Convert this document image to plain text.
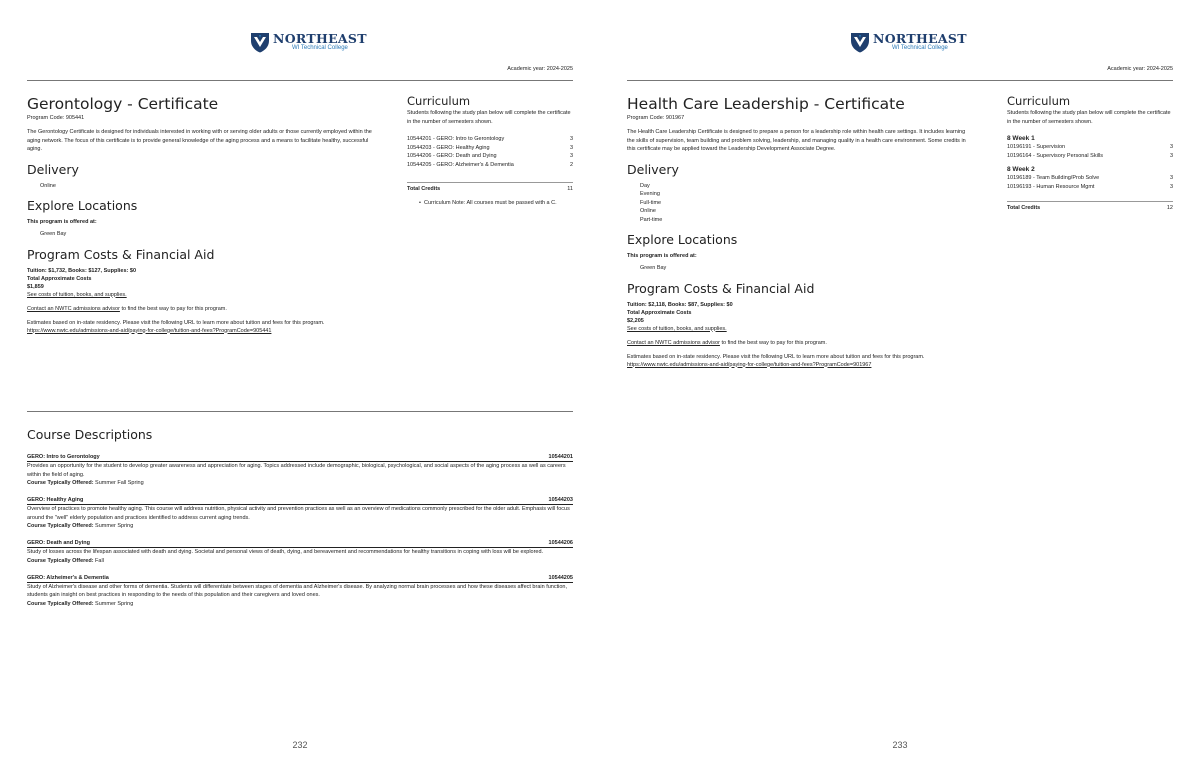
NORTHEAST
WI Technical College
Academic year: 2024-2025
Gerontology - Certificate
Program Code: 905441

The Gerontology Certificate is designed for individuals interested in working with or serving older adults or those currently employed within the aging network. The focus of this certificate is to provide general knowledge of the aging process and a means to facilitate healthy, successful aging.

Delivery
Online
Explore Locations
This program is offered at:
Green Bay
Program Costs & Financial Aid
Tuition: $1,732, Books: $127, Supplies: $0
Total Approximate Costs
$1,859
See costs of tuition, books, and supplies.
Contact an NWTC admissions advisor to find the best way to pay for this program.
Estimates based on in-state residency. Please visit the following URL to learn more about tuition and fees for this program.
https://www.nwtc.edu/admissions-and-aid/paying-for-college/tuition-and-fees?ProgramCode=905441
Curriculum
Students following the study plan below will complete the certificate in the number of semesters shown.
10544201 - GERO: Intro to Gerontology	3
10544203 - GERO: Healthy Aging	3
10544206 - GERO: Death and Dying	3
10544205 - GERO: Alzheimer's & Dementia	2
Total Credits	11
•  Curriculum Note: All courses must be passed with a C.
Course Descriptions
GERO: Intro to Gerontology	10544201
Provides an opportunity for the student to develop greater awareness and appreciation for aging. Topics addressed include demographic, biological, psychological, and social aspects of the aging process as well as careers within the field of aging.
Course Typically Offered: Summer Fall Spring
GERO: Healthy Aging	10544203
Overview of practices to promote healthy aging. This course will address nutrition, physical activity and prevention practices as well as an overview of medications commonly prescribed for the older adult. Emphasis will focus around the "well" elderly population and practices identified to address current aging trends.
Course Typically Offered: Summer Spring
GERO: Death and Dying	10544206
Study of losses across the lifespan associated with death and dying. Societal and personal views of death, dying, and bereavement and recommendations for healthy transitions in coping with loss will be explored.
Course Typically Offered: Fall
GERO: Alzheimer's & Dementia	10544205
Study of Alzheimer's disease and other forms of dementia. Students will differentiate between stages of dementia and Alzheimer's disease. By analyzing normal brain processes and how these diseases affect brain function, students gain insight on best practices in responding to the needs of this population and their caregivers and loved ones.
Course Typically Offered: Summer Spring
232
NORTHEAST
WI Technical College
Academic year: 2024-2025
Health Care Leadership - Certificate
Program Code: 901967

The Health Care Leadership Certificate is designed to prepare a person for a leadership role within health care settings. It includes learning the skills of supervision, team building and problem solving, leadership, and managing quality in a health care environment. Some credits in this certificate may be applied toward the Leadership Development Associate Degree.

Delivery
Day
Evening
Full-time
Online
Part-time
Explore Locations
This program is offered at:
Green Bay
Program Costs & Financial Aid
Tuition: $2,118, Books: $87, Supplies: $0
Total Approximate Costs
$2,205
See costs of tuition, books, and supplies.
Contact an NWTC admissions advisor to find the best way to pay for this program.
Estimates based on in-state residency. Please visit the following URL to learn more about tuition and fees for this program.
https://www.nwtc.edu/admissions-and-aid/paying-for-college/tuition-and-fees?ProgramCode=901967
Curriculum
Students following the study plan below will complete the certificate in the number of semesters shown.
8 Week 1
10196191 - Supervision	3
10196164 - Supervisory Personal Skills	3
8 Week 2
10196189 - Team Building/Prob Solve	3
10196193 - Human Resource Mgmt	3
Total Credits	12
233
